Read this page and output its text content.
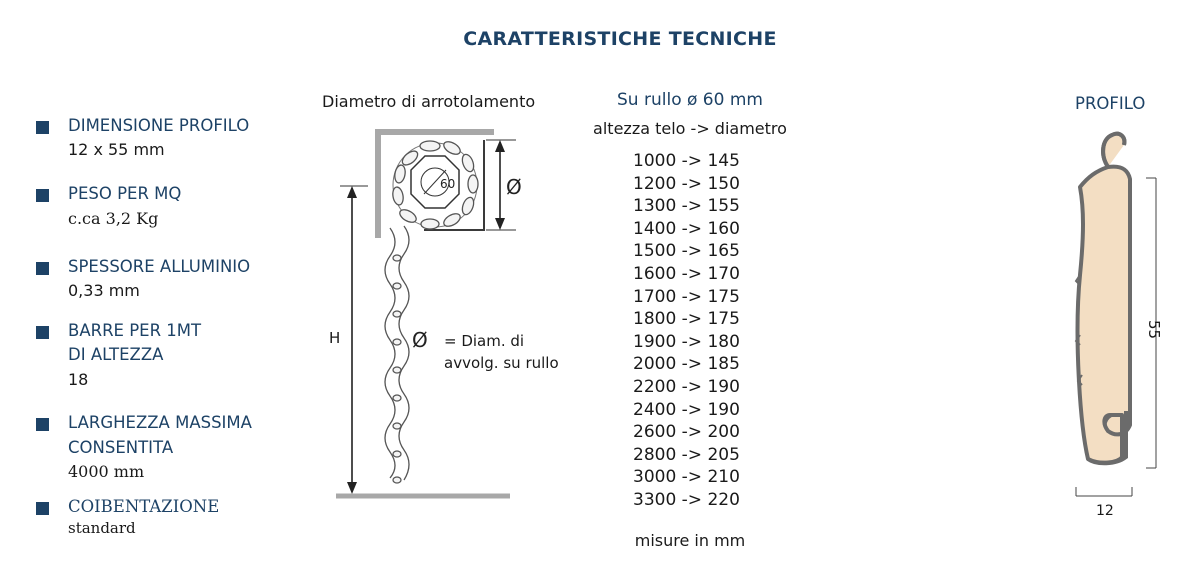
CARATTERISTICHE TECNICHE
DIMENSIONE PROFILO
12 x 55 mm
PESO PER MQ
c.ca 3,2 Kg
SPESSORE ALLUMINIO
0,33 mm
BARRE PER 1MT
DI ALTEZZA
18
LARGHEZZA MASSIMA
CONSENTITA
4000 mm
COIBENTAZIONE
standard
Diametro di arrotolamento
60	Ø
Ø
H	= Diam. di
avvolg. su rullo
Su rullo ø 60 mm
altezza telo -> diametro
1000 -> 145
1200 -> 150
1300 -> 155
1400 -> 160
1500 -> 165
1600 -> 170
1700 -> 175
1800 -> 175
1900 -> 180
2000 -> 185
2200 -> 190
2400 -> 190
2600 -> 200
2800 -> 205
3000 -> 210
3300 -> 220
misure in mm
PROFILO
55
12
